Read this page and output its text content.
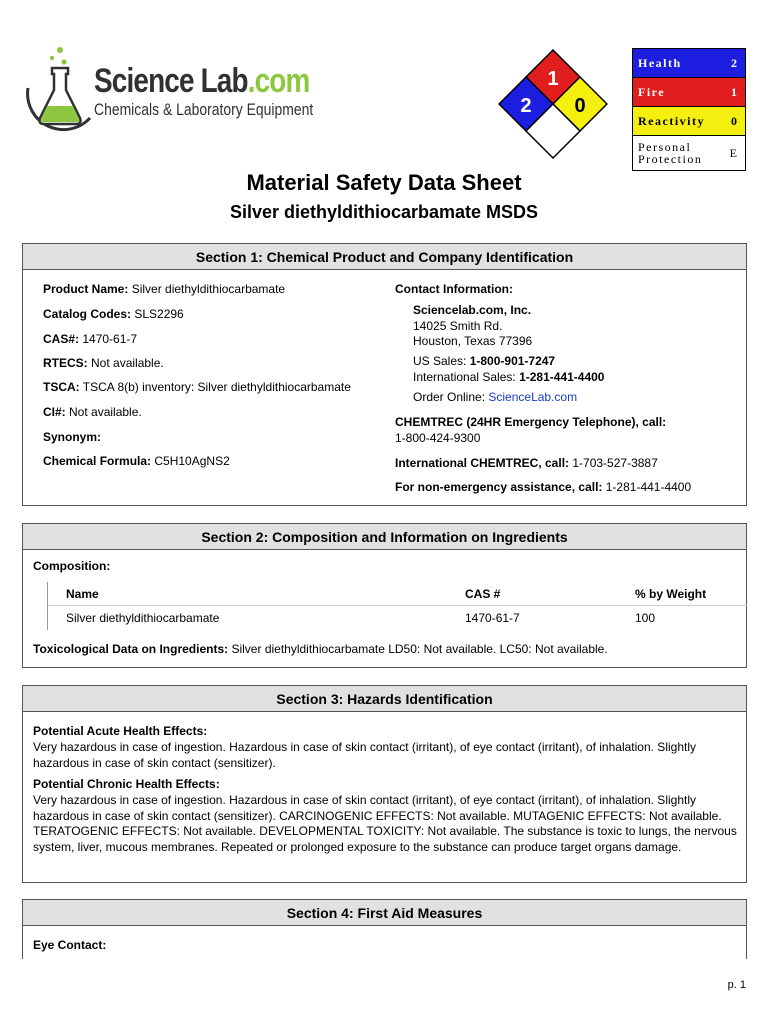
Science Lab.com
Chemicals & Laboratory Equipment
1
2 0
Health	2
Fire	1
Reactivity 0
Personal
Protection E
Material Safety Data Sheet
Silver diethyldithiocarbamate MSDS
Section 1: Chemical Product and Company Identification
Product Name: Silver diethyldithiocarbamate
Catalog Codes: SLS2296
CAS#: 1470-61-7
RTECS: Not available.
TSCA: TSCA 8(b) inventory: Silver diethyldithiocarbamate
CI#: Not available.
Synonym:
Chemical Formula: C5H10AgNS2
Contact Information:
Sciencelab.com, Inc.
14025 Smith Rd.
Houston, Texas 77396
US Sales: 1-800-901-7247
International Sales: 1-281-441-4400
Order Online: ScienceLab.com
CHEMTREC (24HR Emergency Telephone), call:
1-800-424-9300
International CHEMTREC, call: 1-703-527-3887
For non-emergency assistance, call: 1-281-441-4400
Section 2: Composition and Information on Ingredients
Composition:
Name	CAS #	% by Weight
Silver diethyldithiocarbamate	1470-61-7	100
Toxicological Data on Ingredients: Silver diethyldithiocarbamate LD50: Not available. LC50: Not available.
Section 3: Hazards Identification
Potential Acute Health Effects:
Very hazardous in case of ingestion. Hazardous in case of skin contact (irritant), of eye contact (irritant), of inhalation. Slightly hazardous in case of skin contact (sensitizer).
Potential Chronic Health Effects:
Very hazardous in case of ingestion. Hazardous in case of skin contact (irritant), of eye contact (irritant), of inhalation. Slightly hazardous in case of skin contact (sensitizer). CARCINOGENIC EFFECTS: Not available. MUTAGENIC EFFECTS: Not available. TERATOGENIC EFFECTS: Not available. DEVELOPMENTAL TOXICITY: Not available. The substance is toxic to lungs, the nervous system, liver, mucous membranes. Repeated or prolonged exposure to the substance can produce target organs damage.
Section 4: First Aid Measures
Eye Contact:
p. 1
